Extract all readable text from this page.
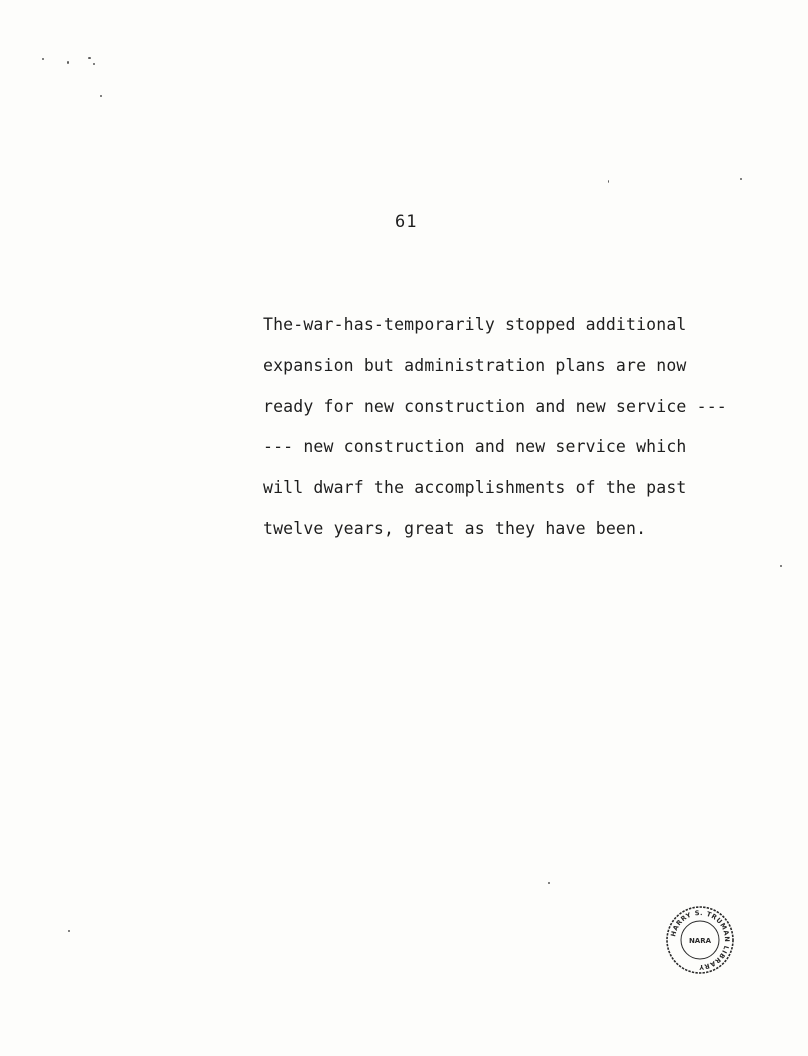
61
The-war-has-temporarily stopped additional
expansion but administration plans are now
ready for new construction and new service ---
--- new construction and new service which
will dwarf the accomplishments of the past
twelve years, great as they have been.
HARRY S. TRUMAN LIBRARY
NARA
